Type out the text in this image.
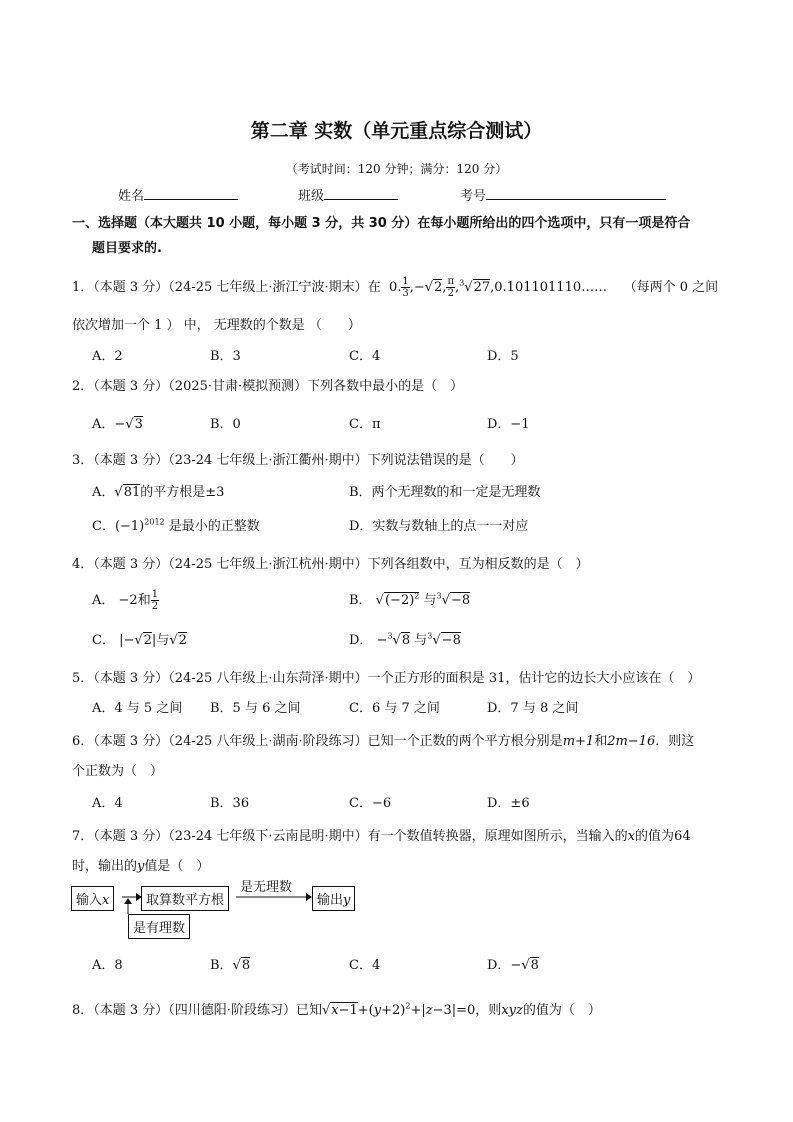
第二章 实数（单元重点综合测试）
（考试时间：120 分钟；满分：120 分）
姓名	班级	考号
一、选择题（本大题共 10 小题，每小题 3 分，共 30 分）在每小题所给出的四个选项中，只有一项是符合
题目要求的.
1．（本题 3 分）（24-25 七年级上·浙江宁波·期末）在  0. $\frac{1}{3} ,-√2$, $\frac{\pi}{2}$ ,$^3$√27,0.101101110…… （每两个 0 之间
依次增加一个 1 ） 中， 无理数的个数是 （　　）
A．2	B．3	C．4	D．5
2．（本题 3 分）（2025·甘肃·模拟预测）下列各数中最小的是（　）
A．−√3	B．0	C．π	D．−1
3．（本题 3 分）（23-24 七年级上·浙江衢州·期中）下列说法错误的是（　　）
A．√81的平方根是±3	B．两个无理数的和一定是无理数
C．$(-1)^{2012}$ 是最小的正整数	D．实数与数轴上的点一一对应
4．（本题 3 分）（24-25 七年级上·浙江杭州·期中）下列各组数中，互为相反数的是（　）
A． −2和 $\frac{1}{2}$	B． $√(-2)^2$ 与$^3$√−8
C． |−√2|与√2	D． −$^3$√8 与$^3$√−8
5．（本题 3 分）（24-25 八年级上·山东菏泽·期中）一个正方形的面积是 31，估计它的边长大小应该在（　）
A．4 与 5 之间 B．5 与 6 之间	C．6 与 7 之间	D．7 与 8 之间
6．（本题 3 分）（24-25 八年级上·湖南·阶段练习）已知一个正数的两个平方根分别是m+1和2m−16．则这
个正数为（　）
A．4	B．36	C．−6	D．±6
7．（本题 3 分）（23-24 七年级下·云南昆明·期中）有一个数值转换器，原理如图所示，当输入的x的值为64
时，输出的y值是（　）
输入x	取算数平方根	输出y
是无理数
是有理数
A．8	B．√8	C．4	D．−√8
8．（本题 3 分）（四川德阳·阶段练习）已知$√x-1+(y+2)^2+|z-3|=0$，则xyz的值为（　）
